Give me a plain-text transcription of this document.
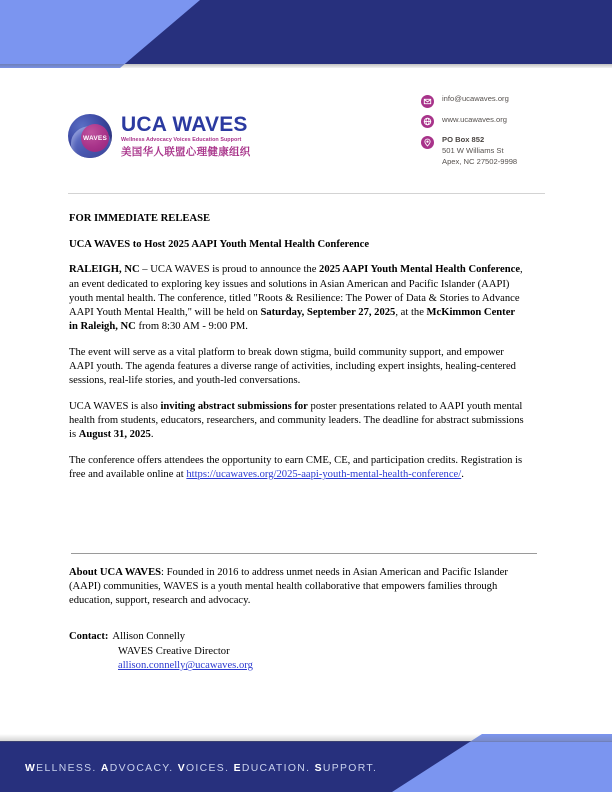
WAVES
UCA WAVES
Wellness Advocacy Voices Education Support
美国华人联盟心理健康组织
info@ucawaves.org
www.ucawaves.org
PO Box 852
501 W Williams St
Apex, NC 27502-9998

FOR IMMEDIATE RELEASE

UCA WAVES to Host 2025 AAPI Youth Mental Health Conference

RALEIGH, NC – UCA WAVES is proud to announce the 2025 AAPI Youth Mental Health Conference, an event dedicated to exploring key issues and solutions in Asian American and Pacific Islander (AAPI) youth mental health. The conference, titled "Roots & Resilience: The Power of Data & Stories to Advance AAPI Youth Mental Health," will be held on Saturday, September 27, 2025, at the McKimmon Center in Raleigh, NC from 8:30 AM - 9:00 PM.

The event will serve as a vital platform to break down stigma, build community support, and empower AAPI youth. The agenda features a diverse range of activities, including expert insights, healing-centered sessions, real-life stories, and youth-led conversations.

UCA WAVES is also inviting abstract submissions for poster presentations related to AAPI youth mental health from students, educators, researchers, and community leaders. The deadline for abstract submissions is August 31, 2025.

The conference offers attendees the opportunity to earn CME, CE, and participation credits. Registration is free and available online at https://ucawaves.org/2025-aapi-youth-mental-health-conference/.

About UCA WAVES: Founded in 2016 to address unmet needs in Asian American and Pacific Islander (AAPI) communities, WAVES is a youth mental health collaborative that empowers families through education, support, research and advocacy.

Contact: Allison Connelly
WAVES Creative Director
allison.connelly@ucawaves.org
WELLNESS. ADVOCACY. VOICES. EDUCATION. SUPPORT.
